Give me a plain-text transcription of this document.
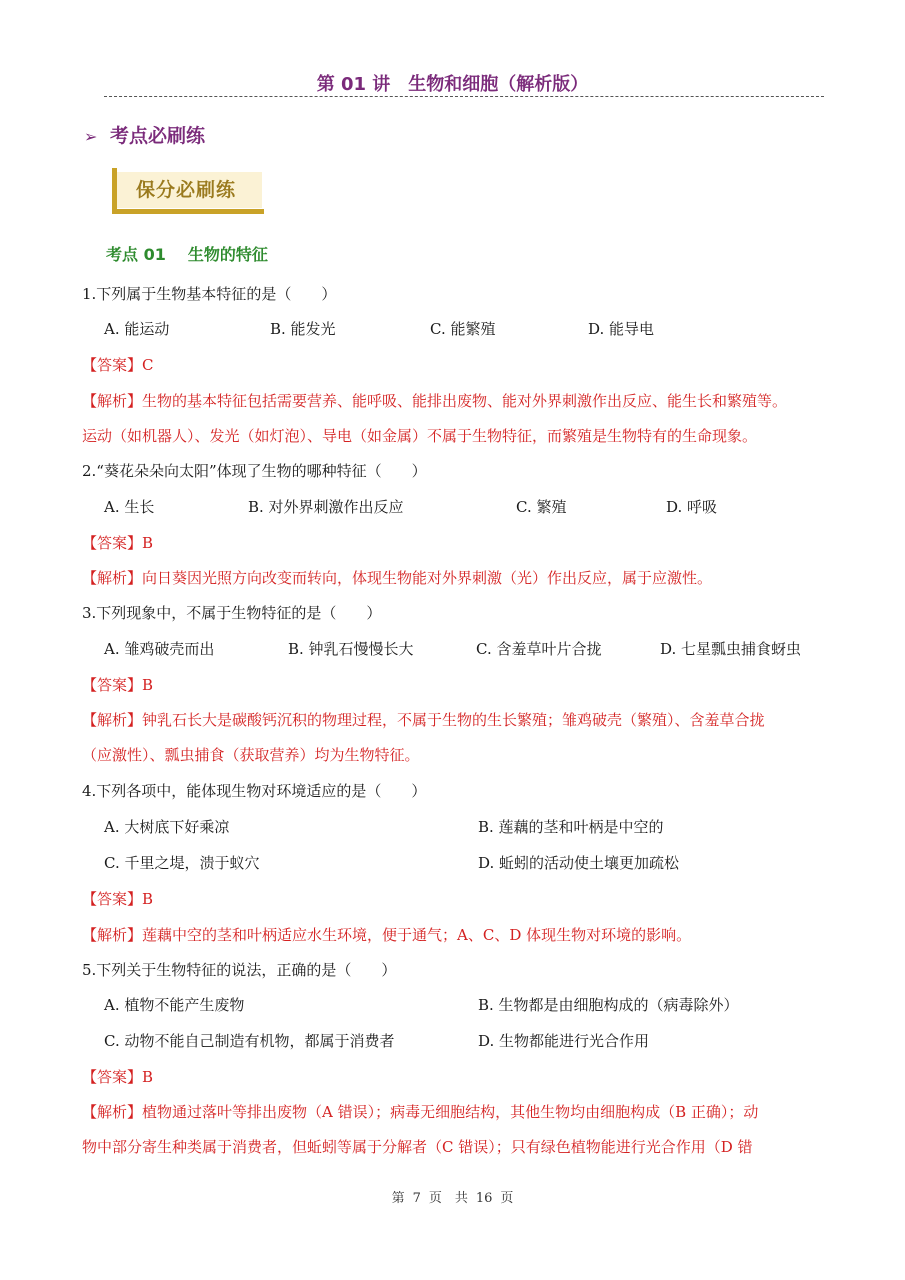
第 01 讲　生物和细胞（解析版）
➢ 考点必刷练
保分必刷练
考点 01 生物的特征
1.下列属于生物基本特征的是（　　）
A. 能运动	B. 能发光	C. 能繁殖	D. 能导电
【答案】C
【解析】生物的基本特征包括需要营养、能呼吸、能排出废物、能对外界刺激作出反应、能生长和繁殖等。
运动（如机器人）、发光（如灯泡）、导电（如金属）不属于生物特征，而繁殖是生物特有的生命现象。
2.“葵花朵朵向太阳”体现了生物的哪种特征（　　）
A. 生长	B. 对外界刺激作出反应	C. 繁殖	D. 呼吸
【答案】B
【解析】向日葵因光照方向改变而转向，体现生物能对外界刺激（光）作出反应，属于应激性。
3.下列现象中，不属于生物特征的是（　　）
A. 雏鸡破壳而出	B. 钟乳石慢慢长大	C. 含羞草叶片合拢	D. 七星瓢虫捕食蚜虫
【答案】B
【解析】钟乳石长大是碳酸钙沉积的物理过程，不属于生物的生长繁殖；雏鸡破壳（繁殖）、含羞草合拢
（应激性）、瓢虫捕食（获取营养）均为生物特征。
4.下列各项中，能体现生物对环境适应的是（　　）
A. 大树底下好乘凉	B. 莲藕的茎和叶柄是中空的
C. 千里之堤，溃于蚁穴	D. 蚯蚓的活动使土壤更加疏松
【答案】B
【解析】莲藕中空的茎和叶柄适应水生环境，便于通气；A、C、D 体现生物对环境的影响。
5.下列关于生物特征的说法，正确的是（　　）
A. 植物不能产生废物	B. 生物都是由细胞构成的（病毒除外）
C. 动物不能自己制造有机物，都属于消费者	D. 生物都能进行光合作用
【答案】B
【解析】植物通过落叶等排出废物（A 错误）；病毒无细胞结构，其他生物均由细胞构成（B 正确）；动
物中部分寄生种类属于消费者，但蚯蚓等属于分解者（C 错误）；只有绿色植物能进行光合作用（D 错
第 7 页　共 16 页
